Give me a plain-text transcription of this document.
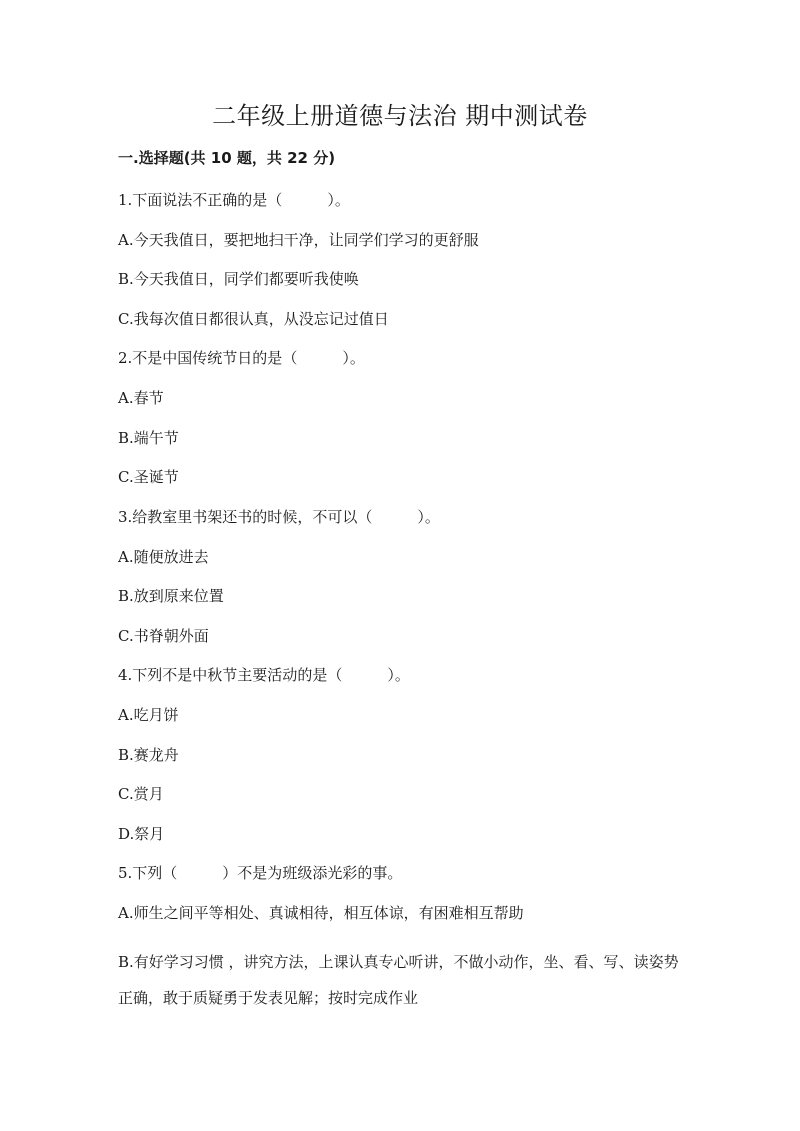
二年级上册道德与法治 期中测试卷
一.选择题(共 10 题，共 22 分)
1.下面说法不正确的是（　　　）。
A.今天我值日，要把地扫干净，让同学们学习的更舒服
B.今天我值日，同学们都要听我使唤
C.我每次值日都很认真，从没忘记过值日
2.不是中国传统节日的是（　　　）。
A.春节
B.端午节
C.圣诞节
3.给教室里书架还书的时候，不可以（　　　）。
A.随便放进去
B.放到原来位置
C.书脊朝外面
4.下列不是中秋节主要活动的是（　　　）。
A.吃月饼
B.赛龙舟
C.赏月
D.祭月
5.下列（　　　）不是为班级添光彩的事。
A.师生之间平等相处、真诚相待，相互体谅，有困难相互帮助
B.有好学习习惯 ，讲究方法，上课认真专心听讲，不做小动作，坐、看、写、读姿势正确，敢于质疑勇于发表见解；按时完成作业
